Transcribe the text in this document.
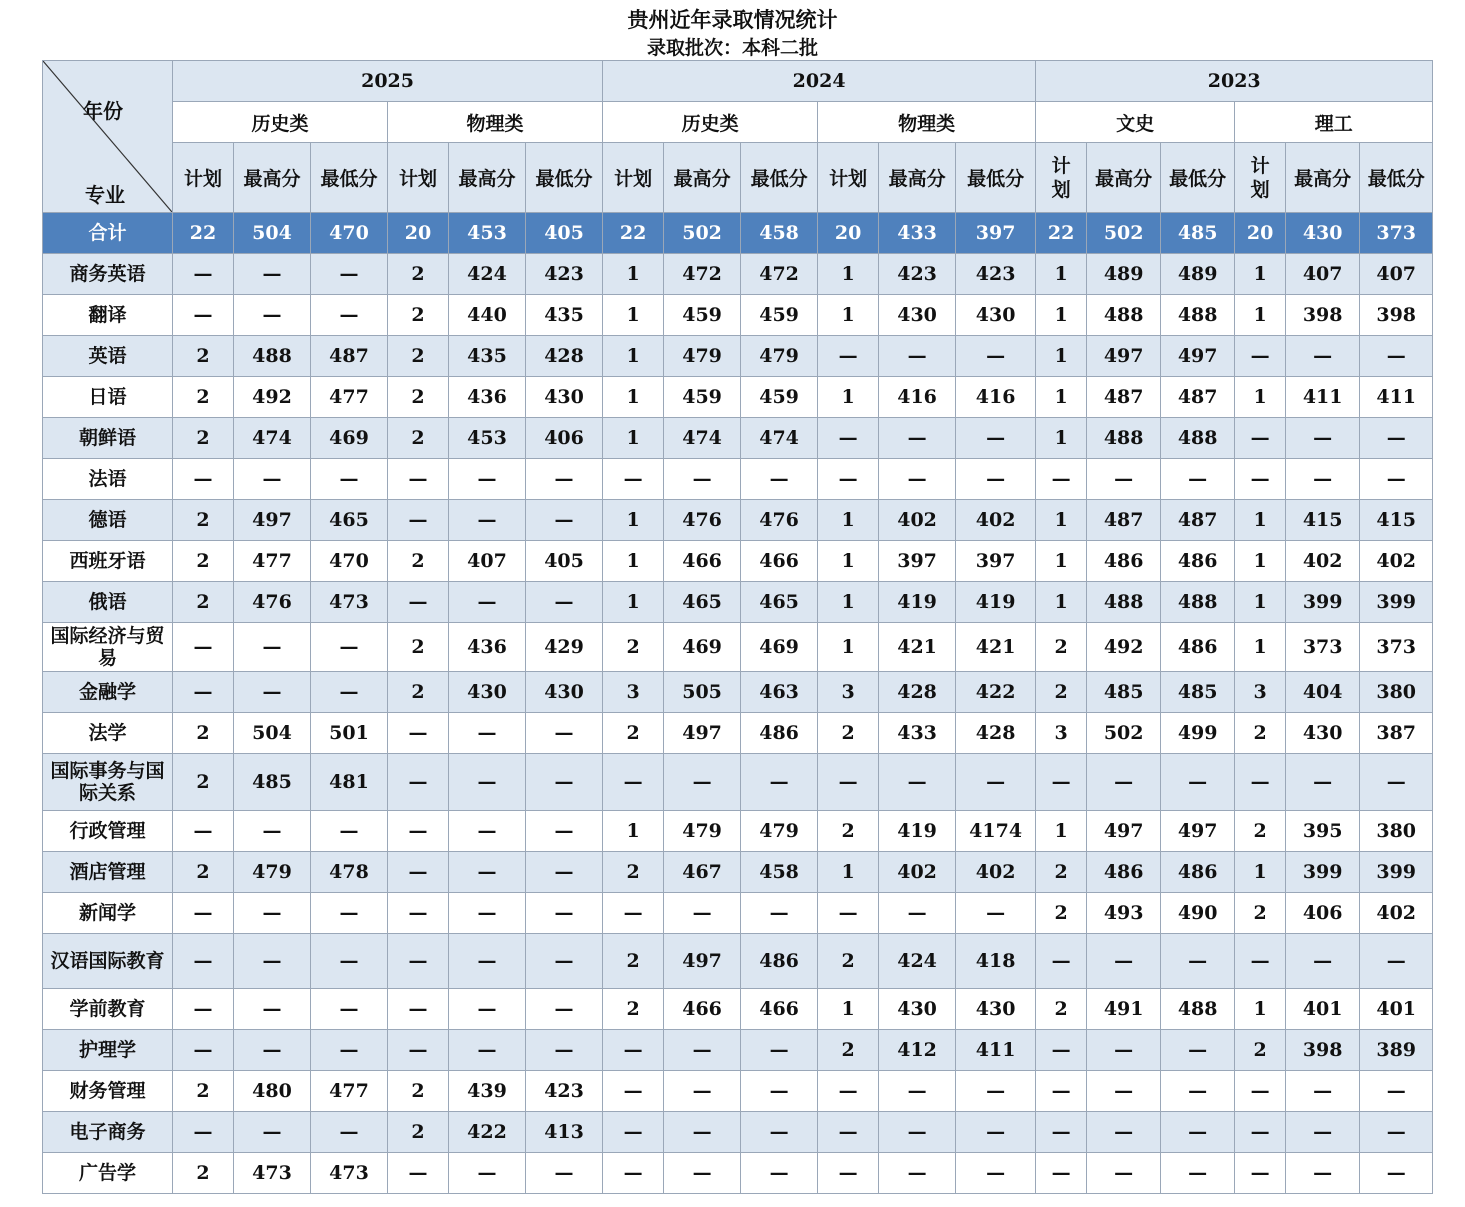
贵州近年录取情况统计
录取批次：本科二批
年份
专业	2025						2024						2023					
	历史类			物理类			历史类			物理类			文史			理工		
	计划	最高分	最低分	计划	最高分	最低分	计划	最高分	最低分	计划	最高分	最低分	计划	最高分	最低分	计划	最高分	最低分
合计	22	504	470	20	453	405	22	502	458	20	433	397	22	502	485	20	430	373
商务英语	—	—	—	2	424	423	1	472	472	1	423	423	1	489	489	1	407	407
翻译	—	—	—	2	440	435	1	459	459	1	430	430	1	488	488	1	398	398
英语	2	488	487	2	435	428	1	479	479	—	—	—	1	497	497	—	—	—
日语	2	492	477	2	436	430	1	459	459	1	416	416	1	487	487	1	411	411
朝鲜语	2	474	469	2	453	406	1	474	474	—	—	—	1	488	488	—	—	—
法语	—	—	—	—	—	—	—	—	—	—	—	—	—	—	—	—	—	—
德语	2	497	465	—	—	—	1	476	476	1	402	402	1	487	487	1	415	415
西班牙语	2	477	470	2	407	405	1	466	466	1	397	397	1	486	486	1	402	402
俄语	2	476	473	—	—	—	1	465	465	1	419	419	1	488	488	1	399	399
国际经济与贸易	—	—	—	2	436	429	2	469	469	1	421	421	2	492	486	1	373	373
金融学	—	—	—	2	430	430	3	505	463	3	428	422	2	485	485	3	404	380
法学	2	504	501	—	—	—	2	497	486	2	433	428	3	502	499	2	430	387
国际事务与国际关系	2	485	481	—	—	—	—	—	—	—	—	—	—	—	—	—	—	—
行政管理	—	—	—	—	—	—	1	479	479	2	419	4174	1	497	497	2	395	380
酒店管理	2	479	478	—	—	—	2	467	458	1	402	402	2	486	486	1	399	399
新闻学	—	—	—	—	—	—	—	—	—	—	—	—	2	493	490	2	406	402
汉语国际教育	—	—	—	—	—	—	2	497	486	2	424	418	—	—	—	—	—	—
学前教育	—	—	—	—	—	—	2	466	466	1	430	430	2	491	488	1	401	401
护理学	—	—	—	—	—	—	—	—	—	2	412	411	—	—	—	2	398	389
财务管理	2	480	477	2	439	423	—	—	—	—	—	—	—	—	—	—	—	—
电子商务	—	—	—	2	422	413	—	—	—	—	—	—	—	—	—	—	—	—
广告学	2	473	473	—	—	—	—	—	—	—	—	—	—	—	—	—	—	—
